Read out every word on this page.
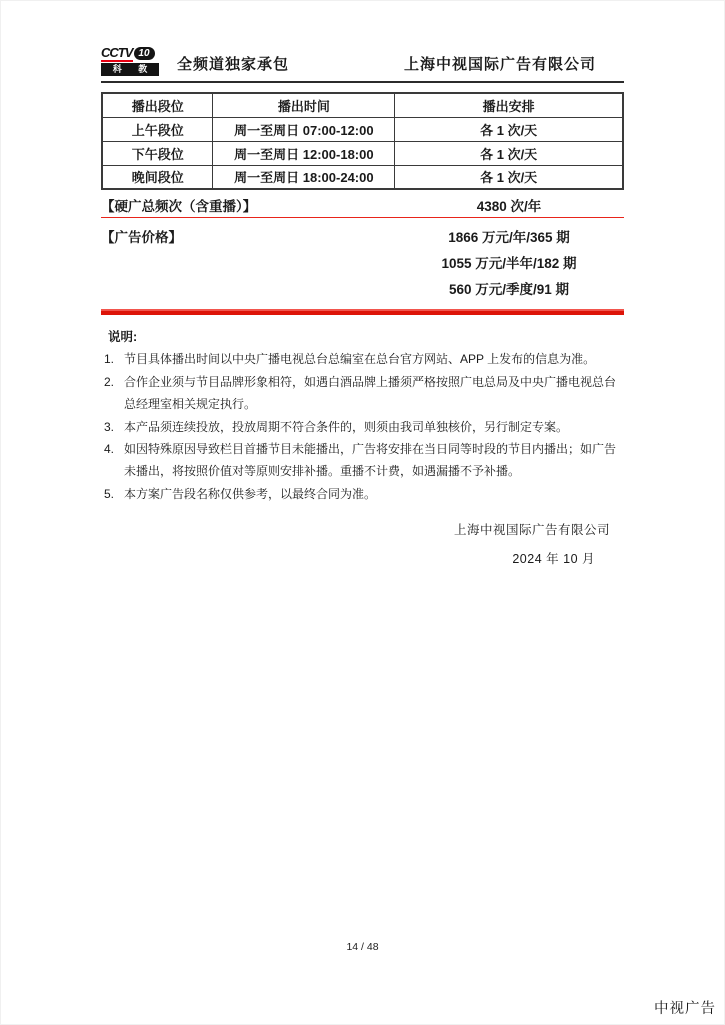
CCTV 10
科 教	全频道独家承包	上海中视国际广告有限公司
播出段位	播出时间	播出安排
上午段位	周一至周日 07:00-12:00	各 1 次/天
下午段位	周一至周日 12:00-18:00	各 1 次/天
晚间段位	周一至周日 18:00-24:00	各 1 次/天
【硬广总频次（含重播）】	4380 次/年
【广告价格】	1866 万元/年/365 期
1055 万元/半年/182 期
560 万元/季度/91 期
说明:
1. 节目具体播出时间以中央广播电视总台总编室在总台官方网站、APP 上发布的信息为准。
2. 合作企业须与节目品牌形象相符，如遇白酒品牌上播须严格按照广电总局及中央广播电视总台总经理室相关规定执行。
3. 本产品须连续投放，投放周期不符合条件的，则须由我司单独核价，另行制定专案。
4. 如因特殊原因导致栏目首播节目未能播出，广告将安排在当日同等时段的节目内播出；如广告未播出，将按照价值对等原则安排补播。重播不计费，如遇漏播不予补播。
5. 本方案广告段名称仅供参考，以最终合同为准。
上海中视国际广告有限公司
2024 年 10 月
14 / 48
中视广告
